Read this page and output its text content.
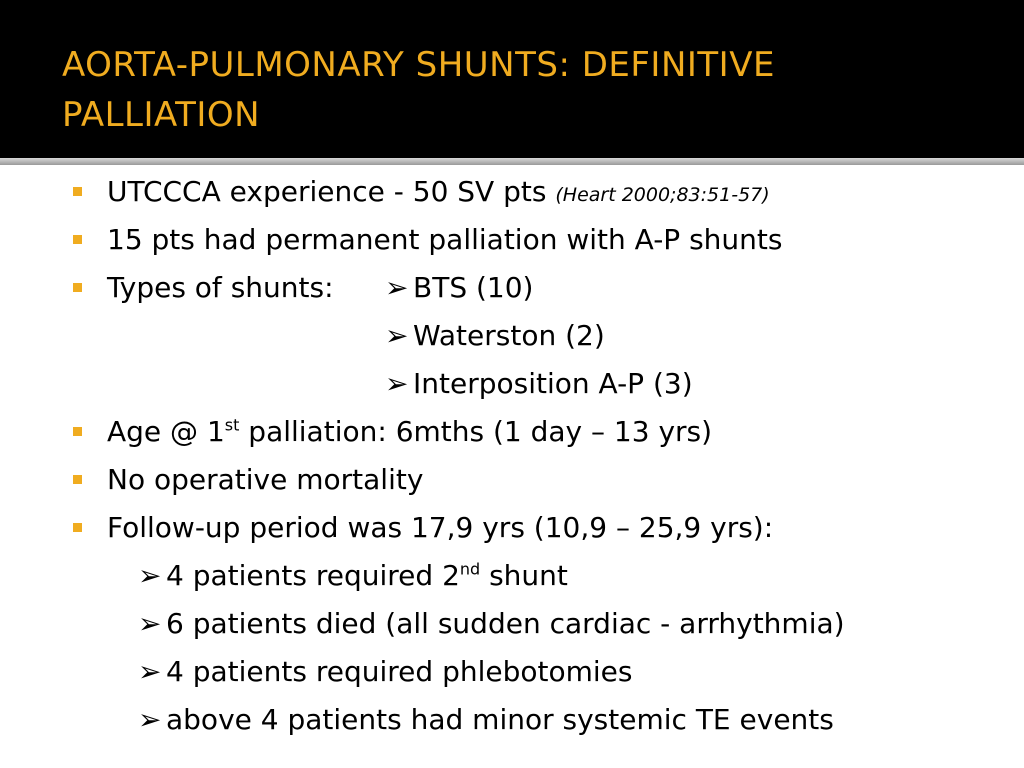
AORTA-PULMONARY SHUNTS: DEFINITIVE
PALLIATION
UTCCCA experience - 50 SV pts (Heart 2000;83:51-57)
15 pts had permanent palliation with A-P shunts
Types of shunts: ➢ BTS (10)
➢ Waterston (2)
➢ Interposition A-P (3)
Age @ 1st palliation: 6mths (1 day – 13 yrs)
No operative mortality
Follow-up period was 17,9 yrs (10,9 – 25,9 yrs):
➢ 4 patients required 2nd shunt
➢ 6 patients died (all sudden cardiac - arrhythmia)
➢ 4 patients required phlebotomies
➢ above 4 patients had minor systemic TE events
